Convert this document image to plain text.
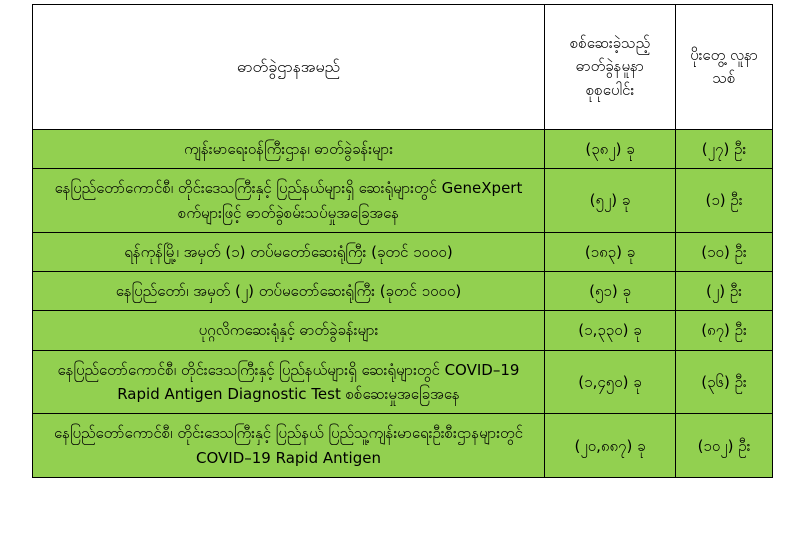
ဓာတ်ခွဲဌာနအမည်	စစ်ဆေးခဲ့သည့် ဓာတ်ခွဲနမူနာ စုစုပေါင်း	ပိုးတွေ့ လူနာသစ်
ကျန်းမာရေးဝန်ကြီးဌာန၊ ဓာတ်ခွဲခန်းများ	(၃၈၂) ခု	(၂၇) ဦး
နေပြည်တော်ကောင်စီ၊ တိုင်းဒေသကြီးနှင့် ပြည်နယ်များရှိ ဆေးရုံများတွင် GeneXpert စက်များဖြင့် ဓာတ်ခွဲစမ်းသပ်မှုအခြေအနေ	(၅၂) ခု	(၁) ဦး
ရန်ကုန်မြို့၊ အမှတ် (၁) တပ်မတော်ဆေးရုံကြီး (ခုတင် ၁၀၀၀)	(၁၈၃) ခု	(၁၀) ဦး
နေပြည်တော်၊ အမှတ် (၂) တပ်မတော်ဆေးရုံကြီး (ခုတင် ၁၀၀၀)	(၅၁) ခု	(၂) ဦး
ပုဂ္ဂလိကဆေးရုံနှင့် ဓာတ်ခွဲခန်းများ	(၁,၃၃၀) ခု	(၈၇) ဦး
နေပြည်တော်ကောင်စီ၊ တိုင်းဒေသကြီးနှင့် ပြည်နယ်များရှိ ဆေးရုံများတွင် COVID–19 Rapid Antigen Diagnostic Test စစ်ဆေးမှုအခြေအနေ	(၁,၄၅၀) ခု	(၃၆) ဦး
နေပြည်တော်ကောင်စီ၊ တိုင်းဒေသကြီးနှင့် ပြည်နယ် ပြည်သူ့ကျန်းမာရေးဦးစီးဌာနများတွင် COVID–19 Rapid Antigen	(၂၀,၈၈၇) ခု	(၁၀၂) ဦး
